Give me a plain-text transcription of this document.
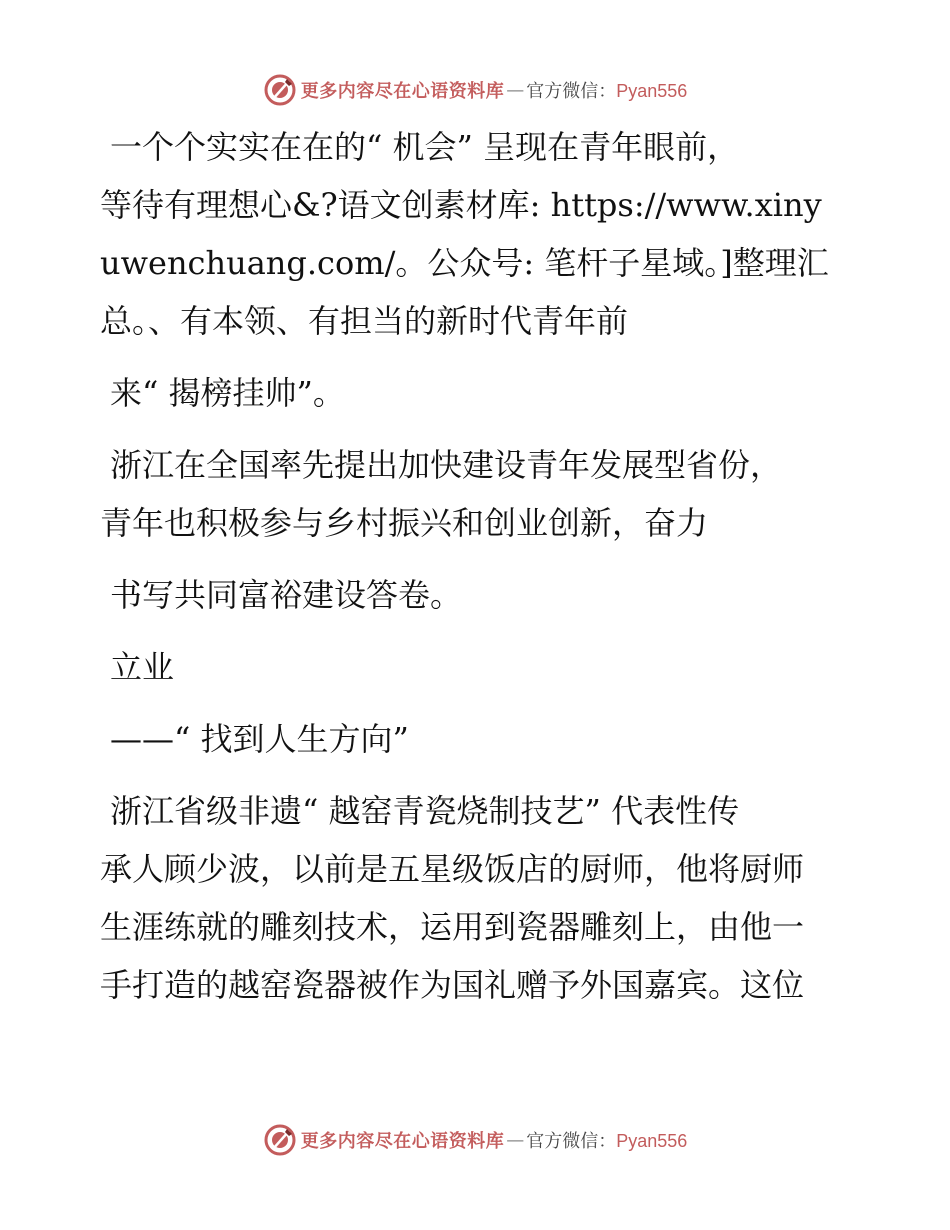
更多内容尽在心语资料库 — 官方微信：Pyan556
一个个实实在在的“ 机会” 呈现在青年眼前，
等待有理想心&?语文创素材库: https://www.xiny
uwenchuang.com/。公众号: 笔杆子星域。]整理汇
总。、有本领、有担当的新时代青年前
来“ 揭榜挂帅”。
浙江在全国率先提出加快建设青年发展型省份，
青年也积极参与乡村振兴和创业创新，奋力
书写共同富裕建设答卷。
立业
——“ 找到人生方向”
浙江省级非遗“ 越窑青瓷烧制技艺” 代表性传
承人顾少波，以前是五星级饭店的厨师，他将厨师
生涯练就的雕刻技术，运用到瓷器雕刻上，由他一
手打造的越窑瓷器被作为国礼赠予外国嘉宾。这位
更多内容尽在心语资料库 — 官方微信：Pyan556
